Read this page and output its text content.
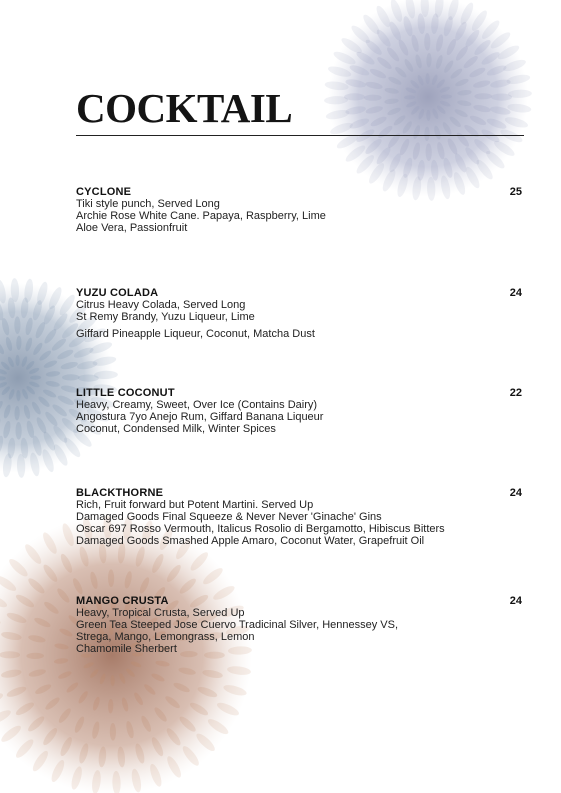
COCKTAIL
CYCLONE	25
Tiki style punch, Served Long
Archie Rose White Cane. Papaya, Raspberry, Lime
Aloe Vera, Passionfruit
YUZU COLADA	24
Citrus Heavy Colada, Served Long
St Remy Brandy, Yuzu Liqueur, Lime
Giffard Pineapple Liqueur, Coconut, Matcha Dust
LITTLE COCONUT	22
Heavy, Creamy, Sweet, Over Ice (Contains Dairy)
Angostura 7yo Anejo Rum, Giffard Banana Liqueur
Coconut, Condensed Milk, Winter Spices
BLACKTHORNE	24
Rich, Fruit forward but Potent Martini. Served Up
Damaged Goods Final Squeeze & Never Never 'Ginache' Gins
Oscar 697 Rosso Vermouth, Italicus Rosolio di Bergamotto, Hibiscus Bitters
Damaged Goods Smashed Apple Amaro, Coconut Water, Grapefruit Oil
MANGO CRUSTA	24
Heavy, Tropical Crusta, Served Up
Green Tea Steeped Jose Cuervo Tradicinal Silver, Hennessey VS,
Strega, Mango, Lemongrass, Lemon
Chamomile Sherbert
